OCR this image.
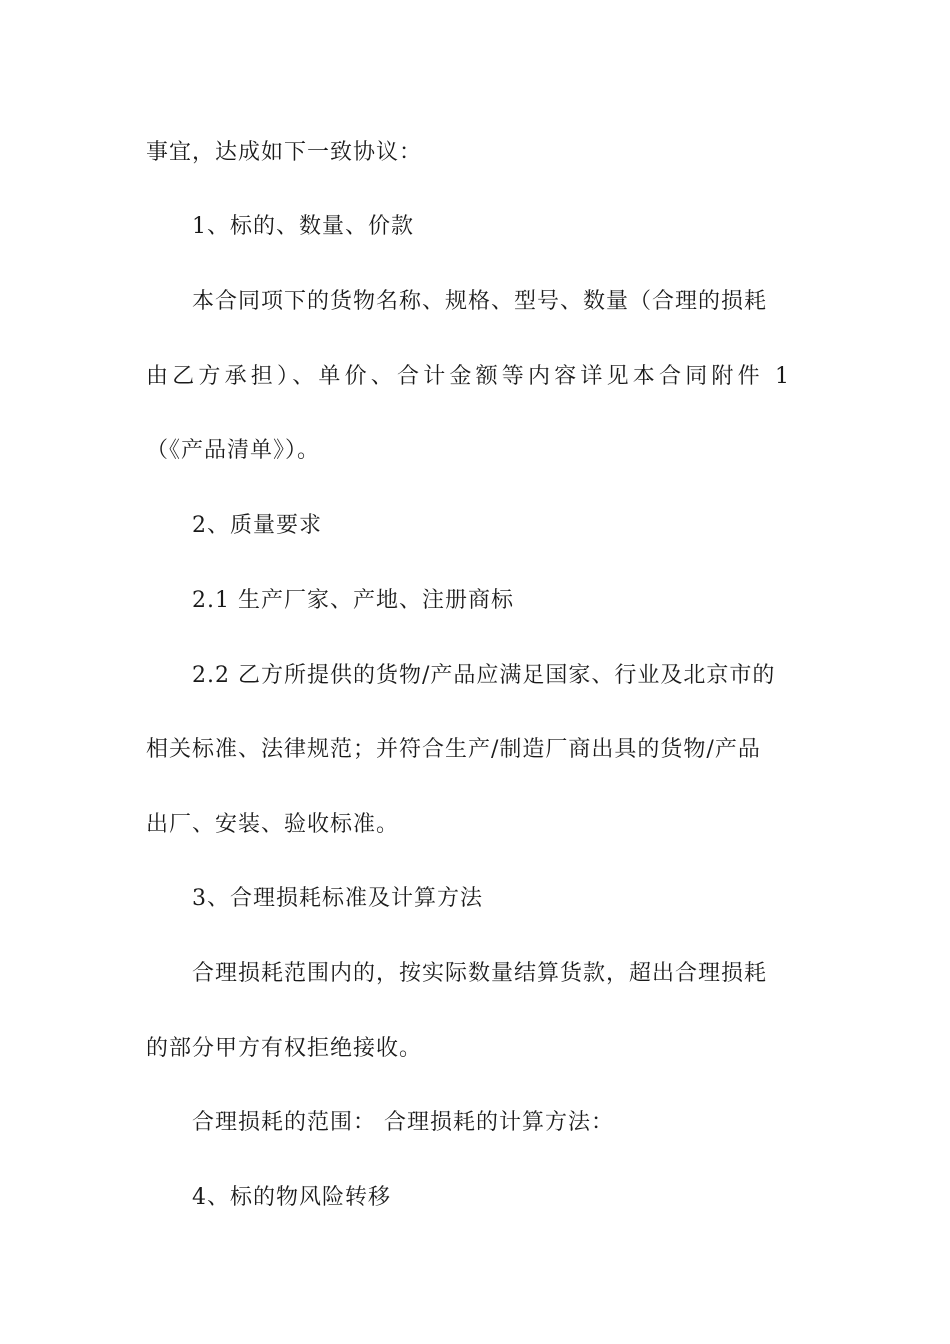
事宜，达成如下一致协议：
1、标的、数量、价款
本合同项下的货物名称、规格、型号、数量（合理的损耗
由乙方承担）、单价、合计金额等内容详见本合同附件 1
（《产品清单》）。
2、质量要求
2.1 生产厂家、产地、注册商标
2.2 乙方所提供的货物/产品应满足国家、行业及北京市的
相关标准、法律规范；并符合生产/制造厂商出具的货物/产品
出厂、安装、验收标准。
3、合理损耗标准及计算方法
合理损耗范围内的，按实际数量结算货款，超出合理损耗
的部分甲方有权拒绝接收。
合理损耗的范围： 合理损耗的计算方法：
4、标的物风险转移
